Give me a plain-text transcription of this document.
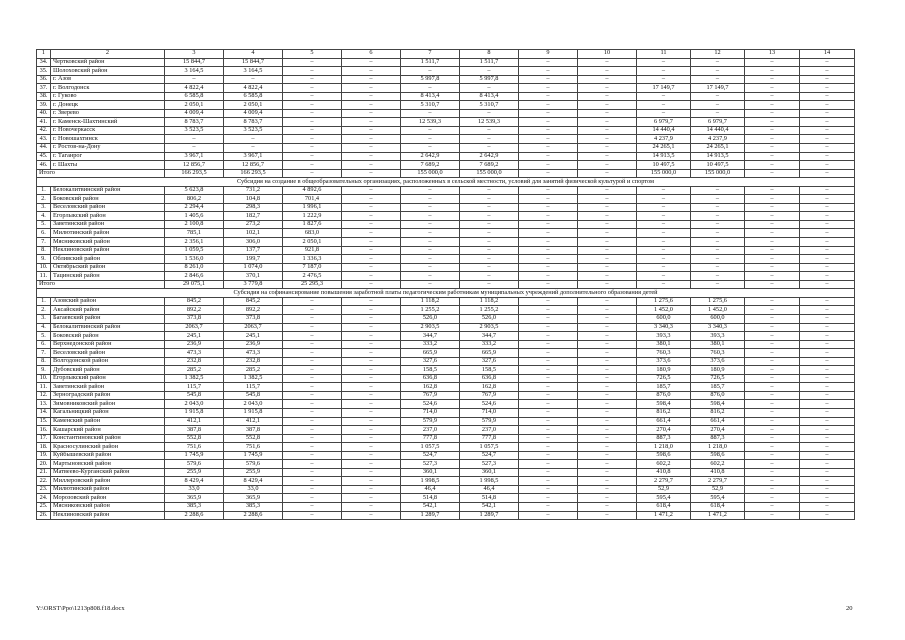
1	2	3	4	5	6	7	8	9	10	11	12	13	14
34.	Чертковский район	15 844,7	15 844,7	–	–	1 511,7	1 511,7	–	–	–	–	–	–
35.	Шолоховский район	3 164,5	3 164,5	–	–	–	–	–	–	–	–	–	–
36.	г. Азов	–	–	–	–	5 997,8	5 997,8	–	–	–	–	–	–
37.	г. Волгодонск	4 822,4	4 822,4	–	–	–	–	–	–	17 149,7	17 149,7	–	–
38.	г. Гуково	6 585,8	6 585,8	–	–	8 413,4	8 413,4	–	–	–	–	–	–
39.	г. Донецк	2 050,1	2 050,1	–	–	5 310,7	5 310,7	–	–	–	–	–	–
40.	г. Зверево	4 009,4	4 009,4	–	–	–	–	–	–	–	–	–	–
41.	г. Каменск-Шахтинский	8 783,7	8 783,7	–	–	12 539,3	12 539,3	–	–	6 979,7	6 979,7	–	–
42.	г. Новочеркасск	3 523,5	3 523,5	–	–	–	–	–	–	14 440,4	14 440,4	–	–
43.	г. Новошахтинск	–	–	–	–	–	–	–	–	4 237,9	4 237,9	–	–
44.	г. Ростов-на-Дону	–	–	–	–	–	–	–	–	24 265,1	24 265,1	–	–
45.	г. Таганрог	3 967,1	3 967,1	–	–	2 642,9	2 642,9	–	–	14 913,5	14 913,5	–	–
46.	г. Шахты	12 856,7	12 856,7	–	–	7 689,2	7 689,2	–	–	10 497,5	10 497,5	–	–
Итого		166 293,5	166 293,5	–	–	155 000,0	155 000,0	–	–	155 000,0	155 000,0	–	–
Субсидия на создание в общеобразовательных организациях, расположенных в сельской местности, условий для занятий физической культурой и спортом													
1.	Белокалитвинский район	5 623,8	731,2	4 892,6	–	–	–	–	–	–	–	–	–
2.	Боковский район	806,2	104,8	701,4	–	–	–	–	–	–	–	–	–
3.	Веселовский район	2 294,4	298,3	1 996,1	–	–	–	–	–	–	–	–	–
4.	Егорлыкский район	1 405,6	182,7	1 222,9	–	–	–	–	–	–	–	–	–
5.	Заветинский район	2 100,8	273,2	1 827,6	–	–	–	–	–	–	–	–	–
6.	Милютинский район	785,1	102,1	683,0	–	–	–	–	–	–	–	–	–
7.	Мясниковский район	2 356,1	306,0	2 050,1	–	–	–	–	–	–	–	–	–
8.	Неклиновский район	1 059,5	137,7	921,8	–	–	–	–	–	–	–	–	–
9.	Обливский район	1 536,0	199,7	1 336,3	–	–	–	–	–	–	–	–	–
10.	Октябрьский район	8 261,0	1 074,0	7 187,0	–	–	–	–	–	–	–	–	–
11.	Тацинский район	2 846,6	370,1	2 476,5	–	–	–	–	–	–	–	–	–
Итого		29 075,1	3 779,8	25 295,3	–	–	–	–	–	–	–	–	–
Субсидия на софинансирование повышения заработной платы педагогическим работникам муниципальных учреждений дополнительного образования детей													
1.	Азовский район	845,2	845,2	–	–	1 118,2	1 118,2	–	–	1 275,6	1 275,6	–	–
2.	Аксайский район	892,2	892,2	–	–	1 255,2	1 255,2	–	–	1 452,0	1 452,0	–	–
3.	Багаевский район	373,8	373,8	–	–	526,0	526,0	–	–	600,0	600,0	–	–
4.	Белокалитвинский район	2063,7	2063,7	–	–	2 903,5	2 903,5	–	–	3 340,3	3 340,3	–	–
5.	Боковский район	245,1	245,1	–	–	344,7	344,7	–	–	393,3	393,3	–	–
6.	Верхнедонской район	236,9	236,9	–	–	333,2	333,2	–	–	380,1	380,1	–	–
7.	Веселовский район	473,3	473,3	–	–	665,9	665,9	–	–	760,3	760,3	–	–
8.	Волгодонской район	232,8	232,8	–	–	327,6	327,6	–	–	373,6	373,6	–	–
9.	Дубовский район	285,2	285,2	–	–	158,5	158,5	–	–	180,9	180,9	–	–
10.	Егорлыкский район	1 382,5	1 382,5	–	–	636,8	636,8	–	–	726,5	726,5	–	–
11.	Заветинский район	115,7	115,7	–	–	162,8	162,8	–	–	185,7	185,7	–	–
12.	Зерноградский район	545,8	545,8	–	–	767,9	767,9	–	–	876,0	876,0	–	–
13.	Зимовниковский район	2 043,0	2 043,0	–	–	524,6	524,6	–	–	598,4	598,4	–	–
14.	Кагальницкий район	1 915,8	1 915,8	–	–	714,0	714,0	–	–	816,2	816,2	–	–
15.	Каменский район	412,1	412,1	–	–	579,9	579,9	–	–	661,4	661,4	–	–
16.	Кашарский район	387,8	387,8	–	–	237,0	237,0	–	–	270,4	270,4	–	–
17.	Константиновский район	552,8	552,8	–	–	777,8	777,8	–	–	887,3	887,3	–	–
18.	Красносулинский район	751,6	751,6	–	–	1 057,5	1 057,5	–	–	1 218,0	1 218,0	–	–
19.	Куйбышевский район	1 745,9	1 745,9	–	–	524,7	524,7	–	–	598,6	598,6	–	–
20.	Мартыновский район	579,6	579,6	–	–	527,3	527,3	–	–	602,2	602,2	–	–
21.	Матвеево-Курганский район	255,9	255,9	–	–	360,1	360,1	–	–	410,8	410,8	–	–
22.	Миллеровский район	8 429,4	8 429,4	–	–	1 998,5	1 998,5	–	–	2 279,7	2 279,7	–	–
23.	Милютинский район	33,0	33,0	–	–	46,4	46,4	–	–	52,9	52,9	–	–
24.	Морозовский район	365,9	365,9	–	–	514,8	514,8	–	–	595,4	595,4	–	–
25.	Мясниковский район	385,3	385,3	–	–	542,1	542,1	–	–	618,4	618,4	–	–
26.	Неклиновский район	2 288,6	2 288,6	–	–	1 289,7	1 289,7	–	–	1 471,2	1 471,2	–	–
Y:\ORST\Ppo\1213p808.f18.docx	20
